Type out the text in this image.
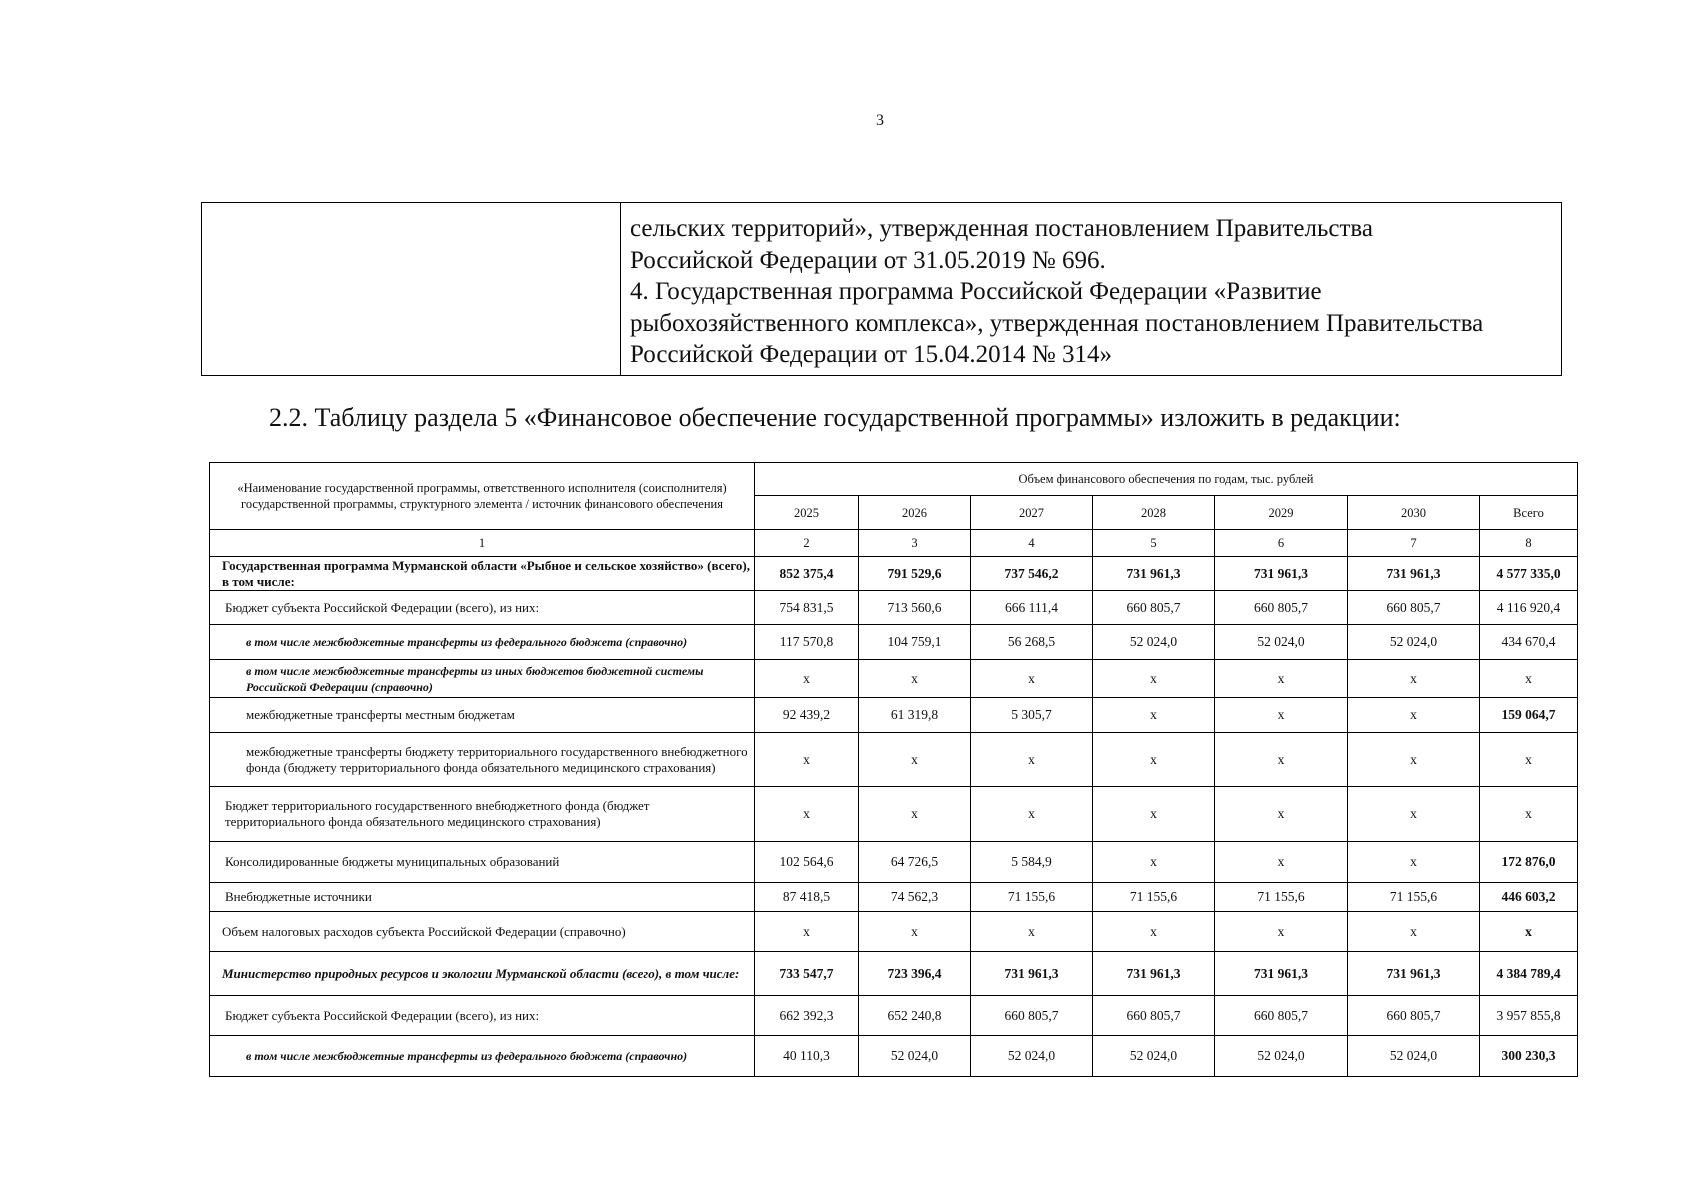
3

сельских территорий», утвержденная постановлением Правительства
Российской Федерации от 31.05.2019 № 696.
4. Государственная программа Российской Федерации «Развитие
рыбохозяйственного комплекса», утвержденная постановлением Правительства
Российской Федерации от 15.04.2014 № 314»
2.2. Таблицу раздела 5 «Финансовое обеспечение государственной программы» изложить в редакции:
«Наименование государственной программы, ответственного исполнителя (соисполнителя) государственной программы, структурного элемента / источник финансового обеспечения	Объем финансового обеспечения по годам, тыс. рублей						
	2025	2026	2027	2028	2029	2030	Всего
1	2	3	4	5	6	7	8
Государственная программа Мурманской области «Рыбное и сельское хозяйство» (всего), в том числе:	852 375,4	791 529,6	737 546,2	731 961,3	731 961,3	731 961,3	4 577 335,0
Бюджет субъекта Российской Федерации (всего), из них:	754 831,5	713 560,6	666 111,4	660 805,7	660 805,7	660 805,7	4 116 920,4
в том числе межбюджетные трансферты из федерального бюджета (справочно)	117 570,8	104 759,1	56 268,5	52 024,0	52 024,0	52 024,0	434 670,4
в том числе межбюджетные трансферты из иных бюджетов бюджетной системы Российской Федерации (справочно)	x	x	x	x	x	x	x
межбюджетные трансферты местным бюджетам	92 439,2	61 319,8	5 305,7	x	x	x	159 064,7
межбюджетные трансферты бюджету территориального государственного внебюджетного фонда (бюджету территориального фонда обязательного медицинского страхования)	x	x	x	x	x	x	x
Бюджет территориального государственного внебюджетного фонда (бюджет территориального фонда обязательного медицинского страхования)	x	x	x	x	x	x	x
Консолидированные бюджеты муниципальных образований	102 564,6	64 726,5	5 584,9	x	x	x	172 876,0
Внебюджетные источники	87 418,5	74 562,3	71 155,6	71 155,6	71 155,6	71 155,6	446 603,2
Объем налоговых расходов субъекта Российской Федерации (справочно)	x	x	x	x	x	x	x
Министерство природных ресурсов и экологии Мурманской области (всего), в том числе:	733 547,7	723 396,4	731 961,3	731 961,3	731 961,3	731 961,3	4 384 789,4
Бюджет субъекта Российской Федерации (всего), из них:	662 392,3	652 240,8	660 805,7	660 805,7	660 805,7	660 805,7	3 957 855,8
в том числе межбюджетные трансферты из федерального бюджета (справочно)	40 110,3	52 024,0	52 024,0	52 024,0	52 024,0	52 024,0	300 230,3
